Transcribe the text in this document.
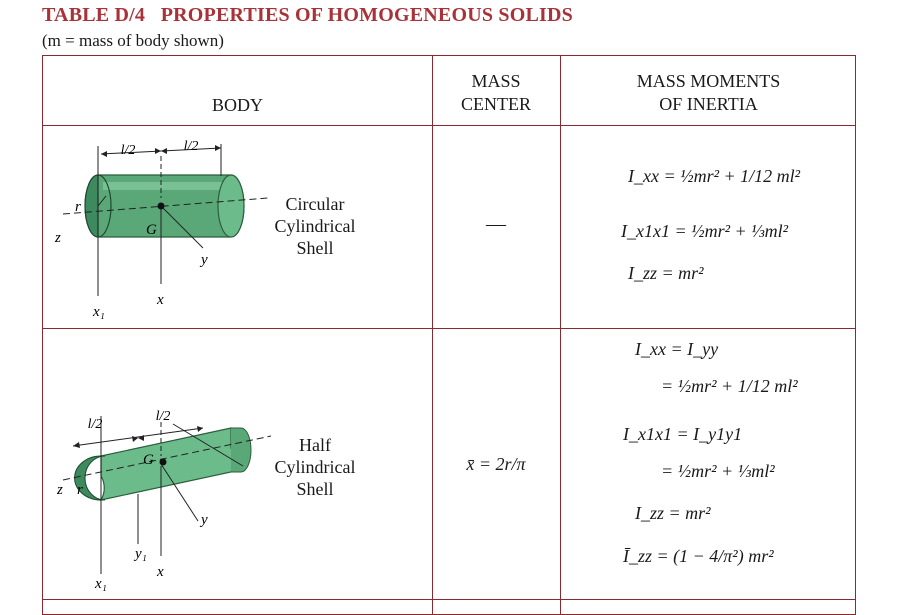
TABLE D/4   PROPERTIES OF HOMOGENEOUS SOLIDS
(m = mass of body shown)
BODY
MASS
CENTER
MASS MOMENTS
OF INERTIA
l/2	l/2
r
z	G
y
x
x₁
Circular
Cylindrical
Shell
—
I_xx = ½mr² + 1/12 ml²
I_x1x1 = ½mr² + ⅓ml²
I_zz = mr²
l/2
l/2
r
z
G
y
y₁
x
x₁
Half
Cylindrical
Shell
x̄ = 2r/π
I_xx = I_yy
= ½mr² + 1/12 ml²
I_x1x1 = I_y1y1
= ½mr² + ⅓ml²
I_zz = mr²
Ī_zz = (1 − 4/π²) mr²
